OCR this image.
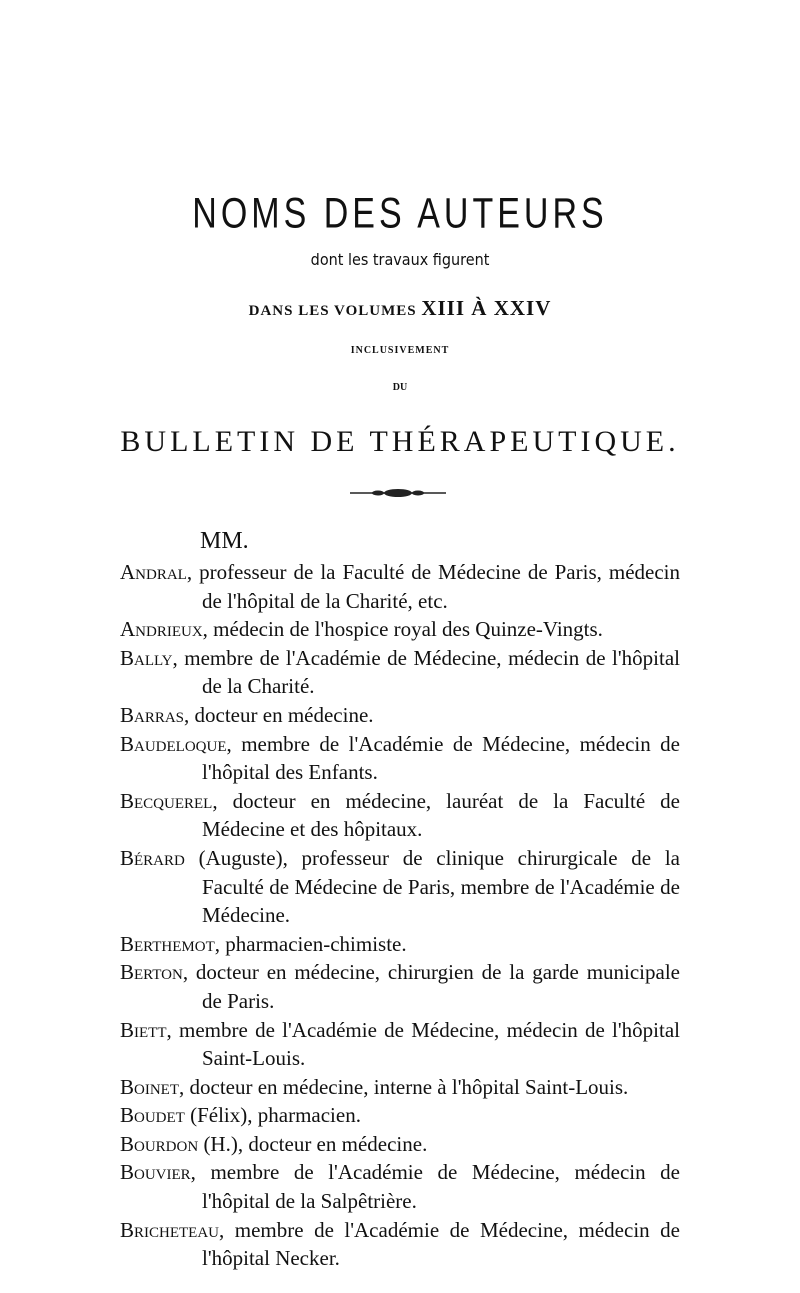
NOMS DES AUTEURS
dont les travaux figurent
DANS LES VOLUMES XIII À XXIV
INCLUSIVEMENT
DU
BULLETIN DE THÉRAPEUTIQUE.
MM.

Andral, professeur de la Faculté de Médecine de Paris, médecin de l'hôpital de la Charité, etc.

Andrieux, médecin de l'hospice royal des Quinze-Vingts.

Bally, membre de l'Académie de Médecine, médecin de l'hôpital de la Charité.

Barras, docteur en médecine.

Baudeloque, membre de l'Académie de Médecine, médecin de l'hôpital des Enfants.

Becquerel, docteur en médecine, lauréat de la Faculté de Médecine et des hôpitaux.

Bérard (Auguste), professeur de clinique chirurgicale de la Faculté de Médecine de Paris, membre de l'Académie de Médecine.

Berthemot, pharmacien-chimiste.

Berton, docteur en médecine, chirurgien de la garde municipale de Paris.

Biett, membre de l'Académie de Médecine, médecin de l'hôpital Saint-Louis.

Boinet, docteur en médecine, interne à l'hôpital Saint-Louis.

Boudet (Félix), pharmacien.

Bourdon (H.), docteur en médecine.

Bouvier, membre de l'Académie de Médecine, médecin de l'hôpital de la Salpêtrière.

Bricheteau, membre de l'Académie de Médecine, médecin de l'hôpital Necker.
